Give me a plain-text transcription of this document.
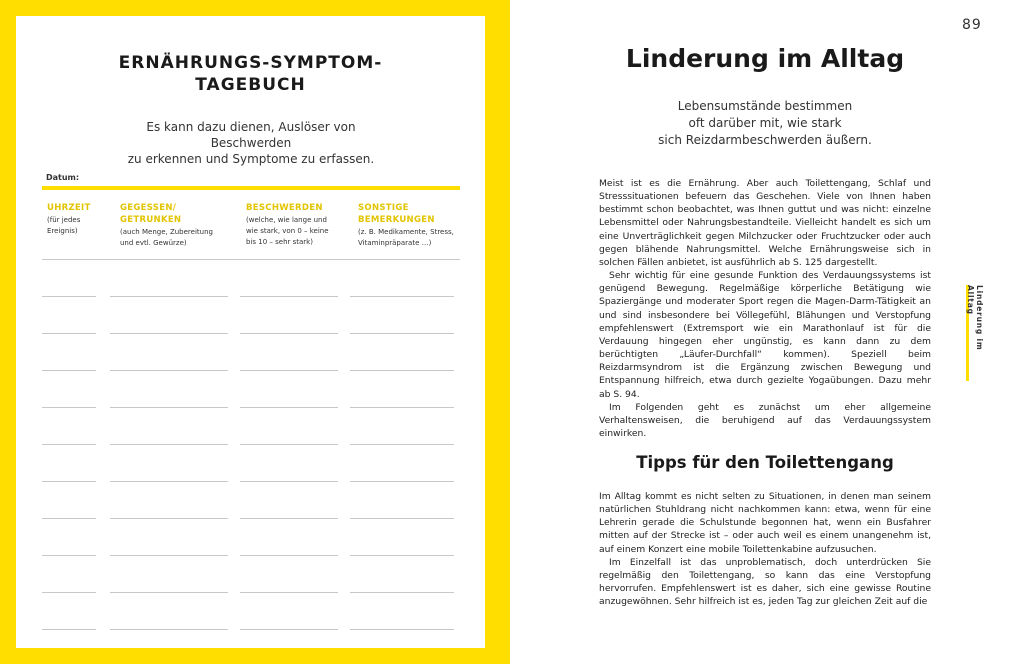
ERNÄHRUNGS-SYMPTOM-
TAGEBUCH
Es kann dazu dienen, Auslöser von Beschwerden
zu erkennen und Symptome zu erfassen.
Datum:
UHRZEIT
(für jedes
Ereignis)
GEGESSEN/
GETRUNKEN
(auch Menge, Zubereitung
und evtl. Gewürze)
BESCHWERDEN
(welche, wie lange und
wie stark, von 0 – keine
bis 10 – sehr stark)
SONSTIGE
BEMERKUNGEN
(z. B. Medikamente, Stress,
Vitaminpräparate …)
89
Linderung im Alltag
Lebensumstände bestimmen
oft darüber mit, wie stark
sich Reizdarmbeschwerden äußern.

Meist ist es die Ernährung. Aber auch Toilettengang, Schlaf und Stresssituationen befeuern das Geschehen. Viele von Ihnen haben bestimmt schon beobachtet, was Ihnen guttut und was nicht: einzelne Lebensmittel oder Nahrungsbestandteile. Vielleicht handelt es sich um eine Unverträglichkeit gegen Milchzucker oder Fruchtzucker oder auch gegen blähende Nahrungsmittel. Welche Ernährungsweise sich in solchen Fällen anbietet, ist ausführlich ab S. 125 dargestellt.

Sehr wichtig für eine gesunde Funktion des Verdauungssystems ist genügend Bewegung. Regelmäßige körperliche Betätigung wie Spaziergänge und moderater Sport regen die Magen-Darm-Tätigkeit an und sind insbesondere bei Völlegefühl, Blähungen und Verstopfung empfehlenswert (Extremsport wie ein Marathonlauf ist für die Verdauung hingegen eher ungünstig, es kann dann zu dem berüchtigten „Läufer-Durchfall“ kommen). Speziell beim Reizdarmsyndrom ist die Ergänzung zwischen Bewegung und Entspannung hilfreich, etwa durch gezielte Yogaübungen. Dazu mehr ab S. 94.

Im Folgenden geht es zunächst um eher allgemeine Verhaltensweisen, die beruhigend auf das Verdauungssystem einwirken.

Tipps für den Toilettengang

Im Alltag kommt es nicht selten zu Situationen, in denen man seinem natürlichen Stuhldrang nicht nachkommen kann: etwa, wenn für eine Lehrerin gerade die Schulstunde begonnen hat, wenn ein Busfahrer mitten auf der Strecke ist – oder auch weil es einem unangenehm ist, auf einem Konzert eine mobile Toilettenkabine aufzusuchen.

Im Einzelfall ist das unproblematisch, doch unterdrücken Sie regelmäßig den Toilettengang, so kann das eine Verstopfung hervorrufen. Empfehlenswert ist es daher, sich eine gewisse Routine anzugewöhnen. Sehr hilfreich ist es, jeden Tag zur gleichen Zeit auf die

Linderung im Alltag
